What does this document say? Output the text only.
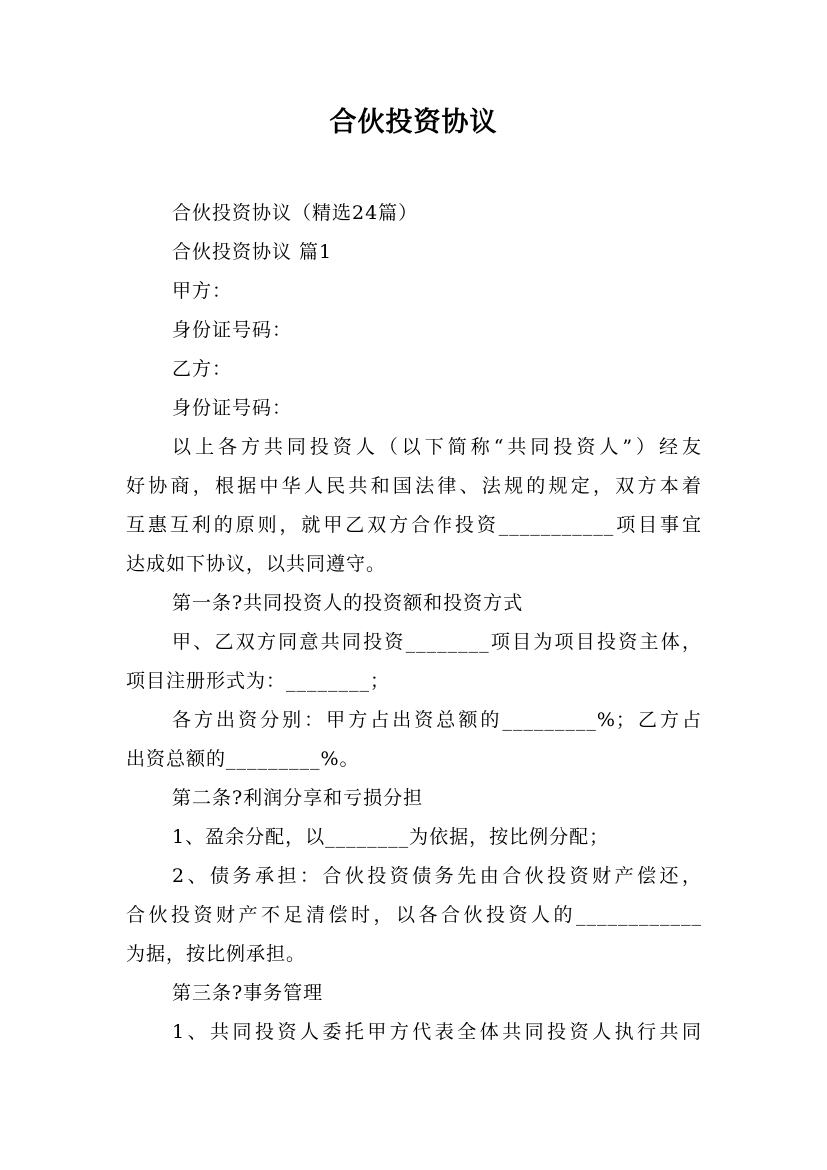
合伙投资协议
合伙投资协议（精选24篇）
合伙投资协议 篇1
甲方：
身份证号码：
乙方：
身份证号码：
以上各方共同投资人（以下简称“共同投资人”）经友
好协商，根据中华人民共和国法律、法规的规定，双方本着
互惠互利的原则，就甲乙双方合作投资___________项目事宜
达成如下协议，以共同遵守。
第一条?共同投资人的投资额和投资方式
甲、乙双方同意共同投资________项目为项目投资主体，
项目注册形式为：________；
各方出资分别：甲方占出资总额的_________%；乙方占
出资总额的_________%。
第二条?利润分享和亏损分担
1、盈余分配，以________为依据，按比例分配；
2、债务承担：合伙投资债务先由合伙投资财产偿还，
合伙投资财产不足清偿时，以各合伙投资人的____________
为据，按比例承担。
第三条?事务管理
1、共同投资人委托甲方代表全体共同投资人执行共同
